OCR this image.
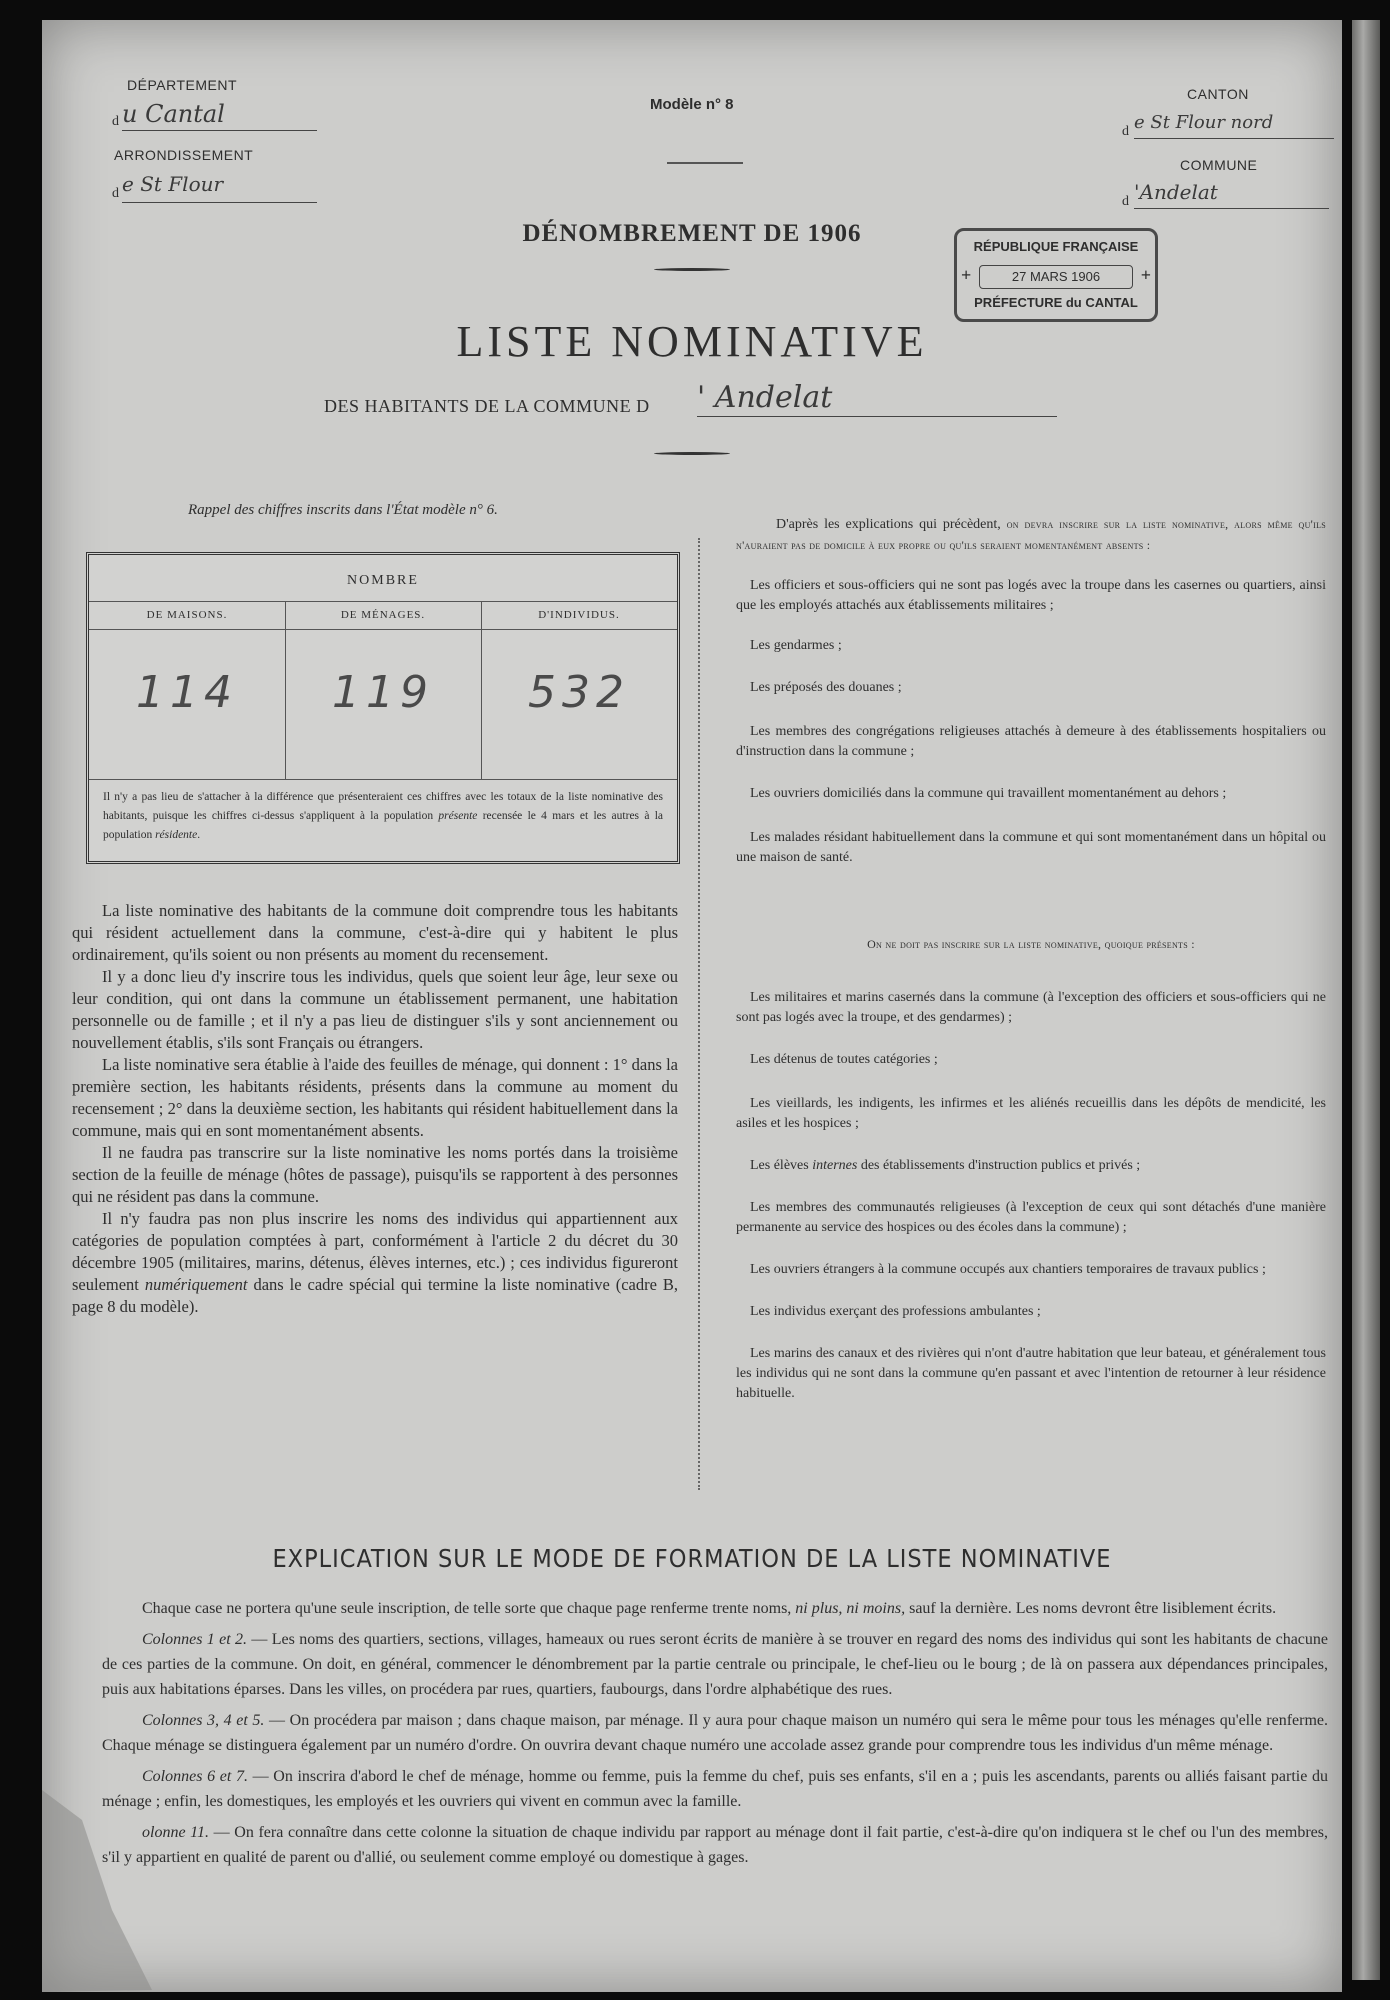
DÉPARTEMENT
d u Cantal
ARRONDISSEMENT
d e St Flour
Modèle n° 8
CANTON
d e St Flour nord
COMMUNE
d 'Andelat
DÉNOMBREMENT DE 1906	RÉPUBLIQUE FRANÇAISE
27 MARS 1906
+	+
PRÉFECTURE du CANTAL
LISTE NOMINATIVE
DES HABITANTS DE LA COMMUNE D ' Andelat
Rappel des chiffres inscrits dans l'État modèle n° 6.
NOMBRE
DE MAISONS.	DE MÉNAGES.	D'INDIVIDUS.
114	119	532
Il n'y a pas lieu de s'attacher à la différence que présenteraient ces chiffres avec les totaux de la liste nominative des habitants, puisque les chiffres ci-dessus s'appliquent à la population présente recensée le 4 mars et les autres à la population résidente.

La liste nominative des habitants de la commune doit comprendre tous les habitants qui résident actuellement dans la commune, c'est-à-dire qui y habitent le plus ordinairement, qu'ils soient ou non présents au moment du recensement.

Il y a donc lieu d'y inscrire tous les individus, quels que soient leur âge, leur sexe ou leur condition, qui ont dans la commune un établissement permanent, une habitation personnelle ou de famille ; et il n'y a pas lieu de distinguer s'ils y sont anciennement ou nouvellement établis, s'ils sont Français ou étrangers.

La liste nominative sera établie à l'aide des feuilles de ménage, qui donnent : 1° dans la première section, les habitants résidents, présents dans la commune au moment du recensement ; 2° dans la deuxième section, les habitants qui résident habituellement dans la commune, mais qui en sont momentanément absents.

Il ne faudra pas transcrire sur la liste nominative les noms portés dans la troisième section de la feuille de ménage (hôtes de passage), puisqu'ils se rapportent à des personnes qui ne résident pas dans la commune.

Il n'y faudra pas non plus inscrire les noms des individus qui appartiennent aux catégories de population comptées à part, conformément à l'article 2 du décret du 30 décembre 1905 (militaires, marins, détenus, élèves internes, etc.) ; ces individus figureront seulement numériquement dans le cadre spécial qui termine la liste nominative (cadre B, page 8 du modèle).

D'après les explications qui précèdent, on devra inscrire sur la liste nominative, alors même qu'ils n'auraient pas de domicile à eux propre ou qu'ils seraient momentanément absents :

Les officiers et sous-officiers qui ne sont pas logés avec la troupe dans les casernes ou quartiers, ainsi que les employés attachés aux établissements militaires ;

Les gendarmes ;

Les préposés des douanes ;

Les membres des congrégations religieuses attachés à demeure à des établissements hospitaliers ou d'instruction dans la commune ;

Les ouvriers domiciliés dans la commune qui travaillent momentanément au dehors ;

Les malades résidant habituellement dans la commune et qui sont momentanément dans un hôpital ou une maison de santé.

On ne doit pas inscrire sur la liste nominative, quoique présents :

Les militaires et marins casernés dans la commune (à l'exception des officiers et sous-officiers qui ne sont pas logés avec la troupe, et des gendarmes) ;

Les détenus de toutes catégories ;

Les vieillards, les indigents, les infirmes et les aliénés recueillis dans les dépôts de mendicité, les asiles et les hospices ;

Les élèves internes des établissements d'instruction publics et privés ;

Les membres des communautés religieuses (à l'exception de ceux qui sont détachés d'une manière permanente au service des hospices ou des écoles dans la commune) ;

Les ouvriers étrangers à la commune occupés aux chantiers temporaires de travaux publics ;

Les individus exerçant des professions ambulantes ;

Les marins des canaux et des rivières qui n'ont d'autre habitation que leur bateau, et généralement tous les individus qui ne sont dans la commune qu'en passant et avec l'intention de retourner à leur résidence habituelle.

EXPLICATION SUR LE MODE DE FORMATION DE LA LISTE NOMINATIVE

Chaque case ne portera qu'une seule inscription, de telle sorte que chaque page renferme trente noms, ni plus, ni moins, sauf la dernière. Les noms devront être lisiblement écrits.

Colonnes 1 et 2. — Les noms des quartiers, sections, villages, hameaux ou rues seront écrits de manière à se trouver en regard des noms des individus qui sont les habitants de chacune de ces parties de la commune. On doit, en général, commencer le dénombrement par la partie centrale ou principale, le chef-lieu ou le bourg ; de là on passera aux dépendances principales, puis aux habitations éparses. Dans les villes, on procédera par rues, quartiers, faubourgs, dans l'ordre alphabétique des rues.

Colonnes 3, 4 et 5. — On procédera par maison ; dans chaque maison, par ménage. Il y aura pour chaque maison un numéro qui sera le même pour tous les ménages qu'elle renferme. Chaque ménage se distinguera également par un numéro d'ordre. On ouvrira devant chaque numéro une accolade assez grande pour comprendre tous les individus d'un même ménage.

Colonnes 6 et 7. — On inscrira d'abord le chef de ménage, homme ou femme, puis la femme du chef, puis ses enfants, s'il en a ; puis les ascendants, parents ou alliés faisant partie du ménage ; enfin, les domestiques, les employés et les ouvriers qui vivent en commun avec la famille.

olonne 11. — On fera connaître dans cette colonne la situation de chaque individu par rapport au ménage dont il fait partie, c'est-à-dire qu'on indiquera st le chef ou l'un des membres, s'il y appartient en qualité de parent ou d'allié, ou seulement comme employé ou domestique à gages.
